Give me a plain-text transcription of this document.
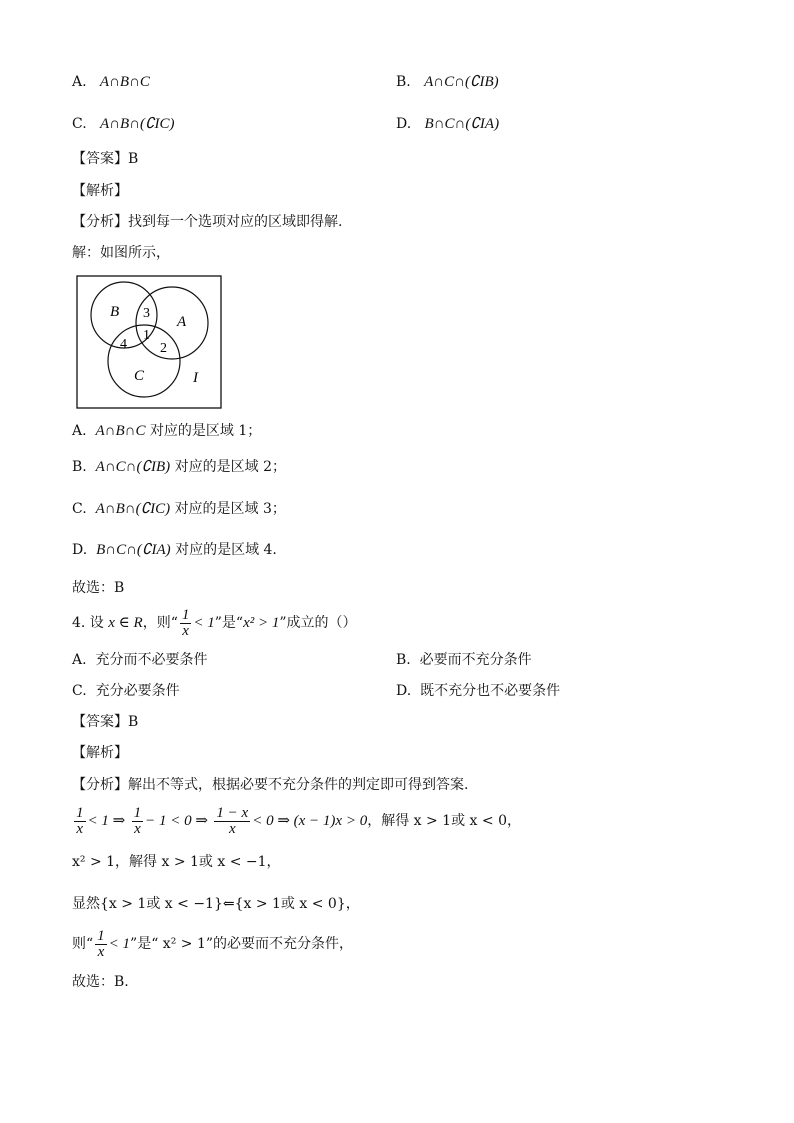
A. A∩B∩C	B. A∩C∩(∁IB)
C. A∩B∩(∁IC)	D. B∩C∩(∁IA)
【答案】B
【解析】
【分析】找到每一个选项对应的区域即得解.
解：如图所示，
B
A
C	I
1
2
3
4
A. A∩B∩C 对应的是区域 1；
B. A∩C∩(∁IB) 对应的是区域 2；
C. A∩B∩(∁IC) 对应的是区域 3；
D. B∩C∩(∁IA) 对应的是区域 4.
故选：B
4. 设 x ∈ R，则“ $\frac{1}{x} < 1$”是“x² > 1”成立的（）
A. 充分而不必要条件	B. 必要而不充分条件
C. 充分必要条件	D. 既不充分也不必要条件
【答案】B
【解析】
【分析】解出不等式，根据必要不充分条件的判定即可得到答案.
$\frac{1}{x} < 1$ ⇒ $\frac{1}{x} - 1 < 0$ ⇒ $\frac{1 - x}{x} < 0$ ⇒ (x − 1)x > 0，解得 x > 1或 x < 0，
x² > 1，解得 x > 1或 x < −1，
显然{x > 1或 x < −1}⇐{x > 1或 x < 0}，
则“ $\frac{1}{x} < 1$”是“ x² > 1”的必要而不充分条件，
故选：B.
